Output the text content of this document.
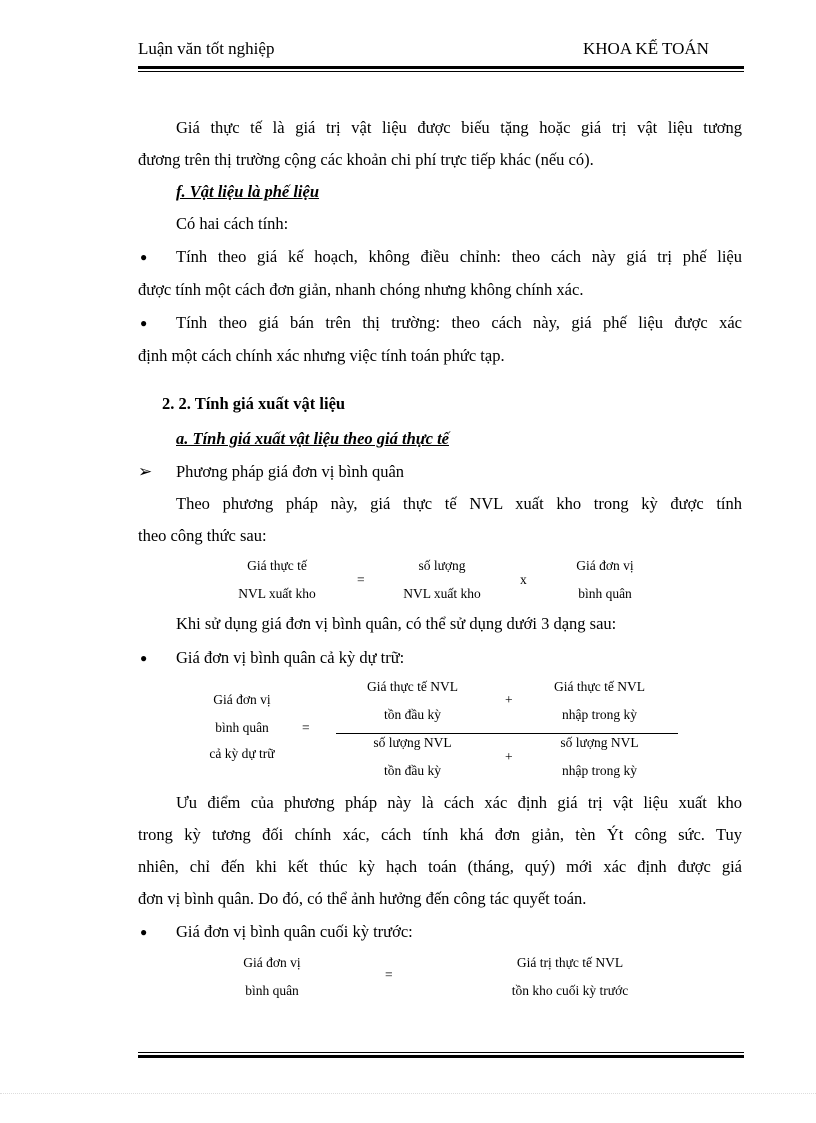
Luận văn tốt nghiệp	KHOA KẾ TOÁN
Giá thực tế là giá trị vật liệu được biếu tặng hoặc giá trị vật liệu tương
đương trên thị trường cộng các khoản chi phí trực tiếp khác (nếu có).
f. Vật liệu là phế liệu
Có hai cách tính:
●	Tính theo giá kế hoạch, không điều chỉnh: theo cách này giá trị phế liệu
được tính một cách đơn giản, nhanh chóng nhưng không chính xác.
●	Tính theo giá bán trên thị trường: theo cách này, giá phế liệu được xác
định một cách chính xác nhưng việc tính toán phức tạp.
2. 2. Tính giá xuất vật liệu
a. Tính giá xuất vật liệu theo giá thực tế
➢ Phương pháp giá đơn vị bình quân
Theo phương pháp này, giá thực tế NVL xuất kho trong kỳ được tính
theo công thức sau:
Giá thực tế
NVL xuất kho
=
số lượng
NVL xuất kho
x
Giá đơn vị
bình quân
Khi sử dụng giá đơn vị bình quân, có thể sử dụng dưới 3 dạng sau:
● Giá đơn vị bình quân cả kỳ dự trữ:
Giá đơn vị
bình quân
cả kỳ dự trữ
=
Giá thực tế NVL
tồn đầu kỳ
+
Giá thực tế NVL
nhập trong kỳ
số lượng NVL
tồn đầu kỳ
+
số lượng NVL
nhập trong kỳ
Ưu điểm của phương pháp này là cách xác định giá trị vật liệu xuất kho
trong kỳ tương đối chính xác, cách tính khá đơn giản, tèn Ýt công sức. Tuy
nhiên, chỉ đến khi kết thúc kỳ hạch toán (tháng, quý) mới xác định được giá
đơn vị bình quân. Do đó, có thể ảnh hưởng đến công tác quyết toán.
● Giá đơn vị bình quân cuối kỳ trước:
Giá đơn vị
bình quân
=
Giá trị thực tế NVL
tồn kho cuối kỳ trước
